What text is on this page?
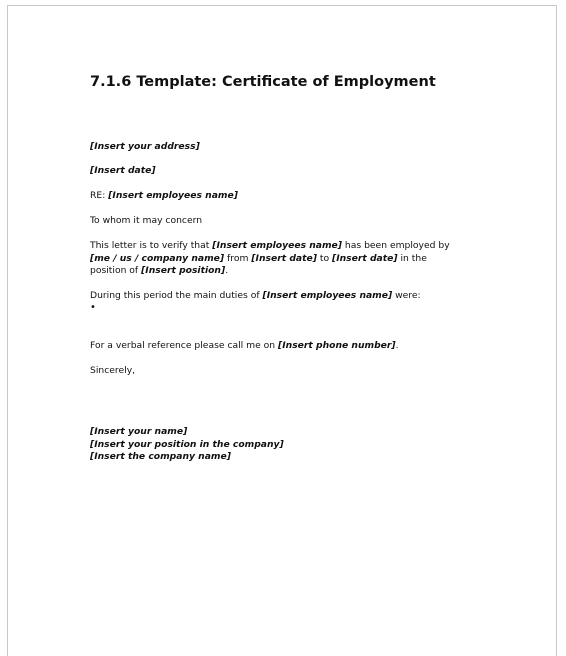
7.1.6 Template: Certificate of Employment

[Insert your address]

[Insert date]

RE: [Insert employees name]

To whom it may concern

This letter is to verify that [Insert employees name] has been employed by [me / us / company name] from [Insert date] to [Insert date] in the position of [Insert position].

During this period the main duties of [Insert employees name] were:

•

For a verbal reference please call me on [Insert phone number].

Sincerely,

[Insert your name]
[Insert your position in the company]
[Insert the company name]
